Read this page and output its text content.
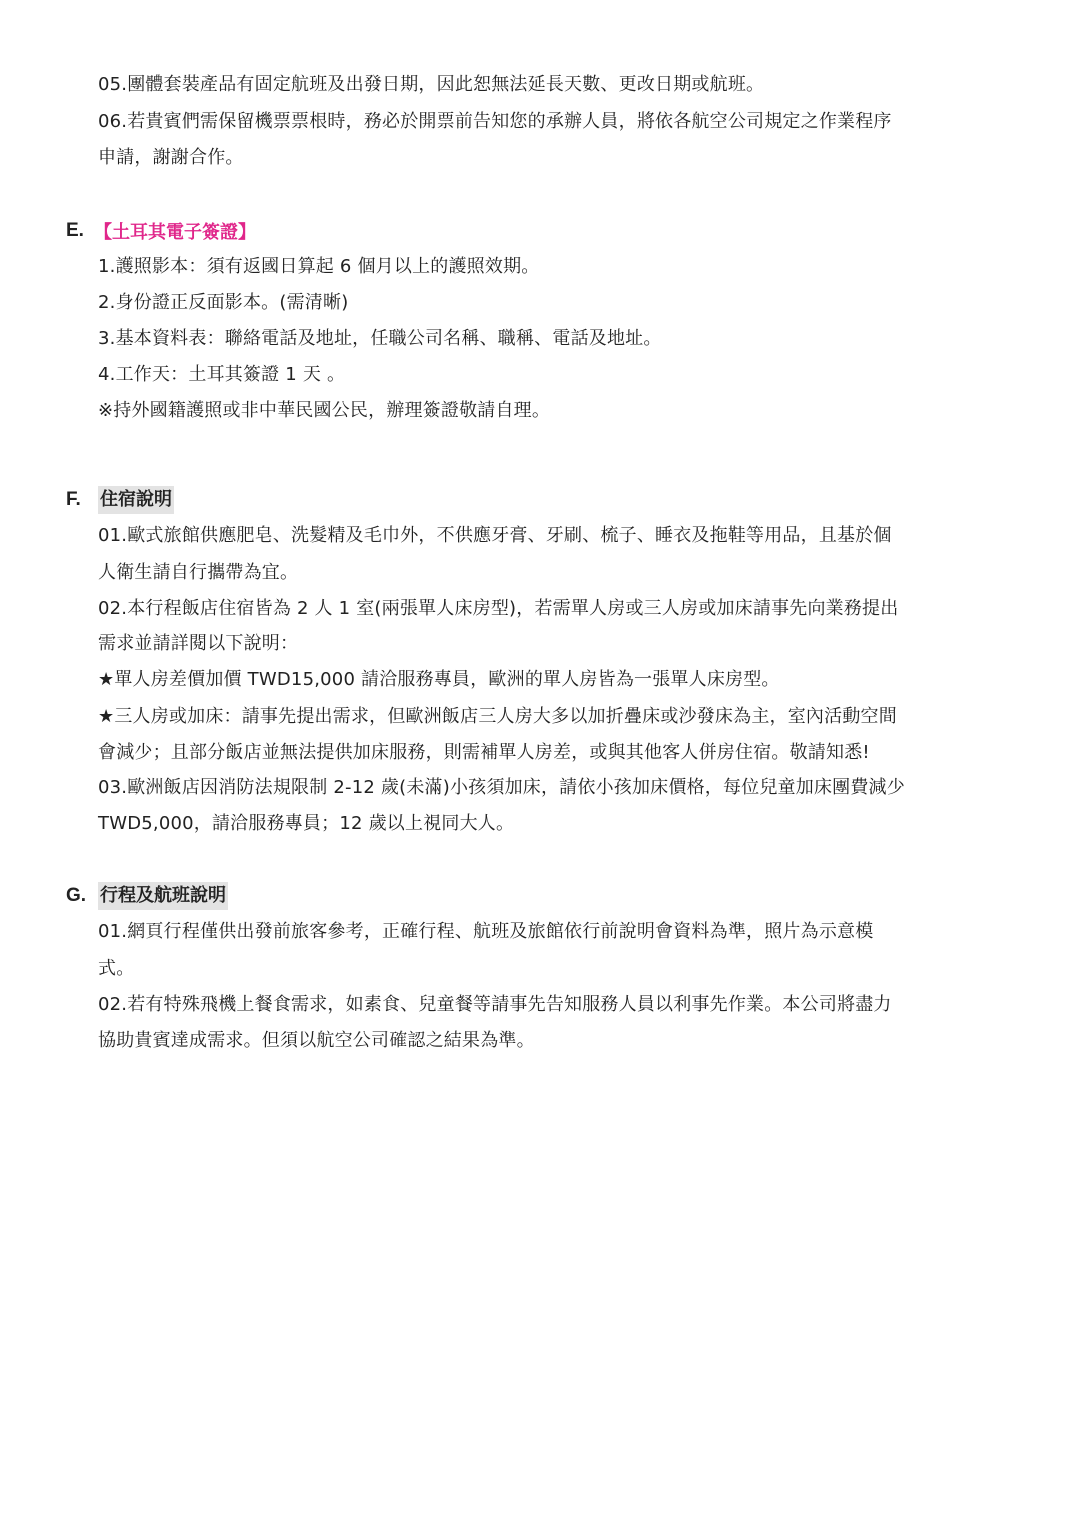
05.團體套裝產品有固定航班及出發日期，因此恕無法延長天數、更改日期或航班。
06.若貴賓們需保留機票票根時，務必於開票前告知您的承辦人員，將依各航空公司規定之作業程序
申請，謝謝合作。
E. 【土耳其電子簽證】
1.護照影本：須有返國日算起 6 個月以上的護照效期。
2.身份證正反面影本。(需清晰)
3.基本資料表：聯絡電話及地址，任職公司名稱、職稱、電話及地址。
4.工作天：土耳其簽證 1 天 。
※持外國籍護照或非中華民國公民，辦理簽證敬請自理。
F.	住宿說明
01.歐式旅館供應肥皂、洗髮精及毛巾外，不供應牙膏、牙刷、梳子、睡衣及拖鞋等用品，且基於個
人衛生請自行攜帶為宜。
02.本行程飯店住宿皆為 2 人 1 室(兩張單人床房型)，若需單人房或三人房或加床請事先向業務提出
需求並請詳閱以下說明：
★單人房差價加價 TWD15,000 請洽服務專員，歐洲的單人房皆為一張單人床房型。
★三人房或加床：請事先提出需求，但歐洲飯店三人房大多以加折疊床或沙發床為主，室內活動空間
會減少；且部分飯店並無法提供加床服務，則需補單人房差，或與其他客人併房住宿。敬請知悉!
03.歐洲飯店因消防法規限制 2-12 歲(未滿)小孩須加床，請依小孩加床價格，每位兒童加床團費減少
TWD5,000，請洽服務專員；12 歲以上視同大人。
G. 行程及航班說明
01.網頁行程僅供出發前旅客參考，正確行程、航班及旅館依行前說明會資料為準，照片為示意模
式。
02.若有特殊飛機上餐食需求，如素食、兒童餐等請事先告知服務人員以利事先作業。本公司將盡力
協助貴賓達成需求。但須以航空公司確認之結果為準。
